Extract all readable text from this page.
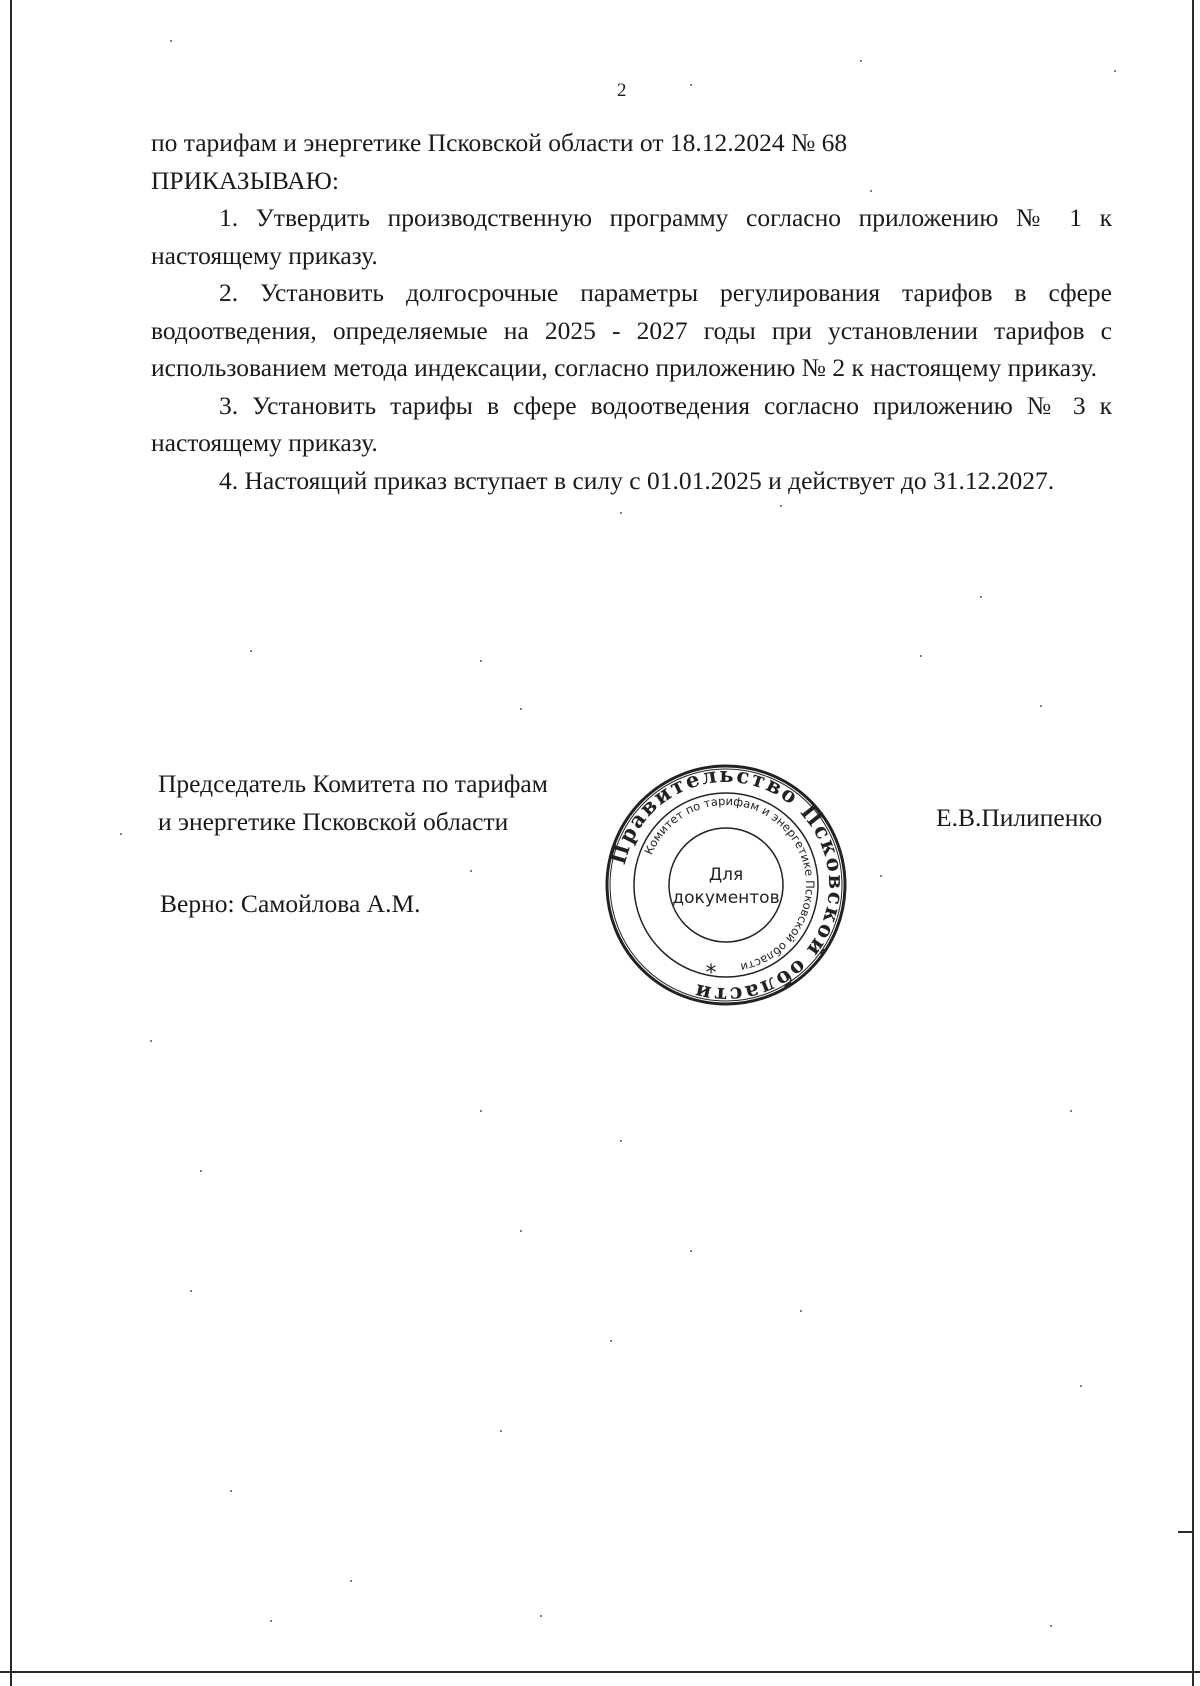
2

по тарифам и энергетике Псковской области от 18.12.2024 № 68

ПРИКАЗЫВАЮ:

1. Утвердить производственную программу согласно приложению № 1 к настоящему приказу.

2. Установить долгосрочные параметры регулирования тарифов в сфере водоотведения, определяемые на 2025 - 2027 годы при установлении тарифов с использованием метода индексации, согласно приложению № 2 к настоящему приказу.

3. Установить тарифы в сфере водоотведения согласно приложению № 3 к настоящему приказу.

4. Настоящий приказ вступает в силу с 01.01.2025 и действует до 31.12.2027.

Председатель Комитета по тарифам
и энергетике Псковской области	Е.В.Пилипенко
Верно: Самойлова А.М.
Правительство Псковской области
Комитет по тарифам и энергетике Псковской области
Для
документов
*
